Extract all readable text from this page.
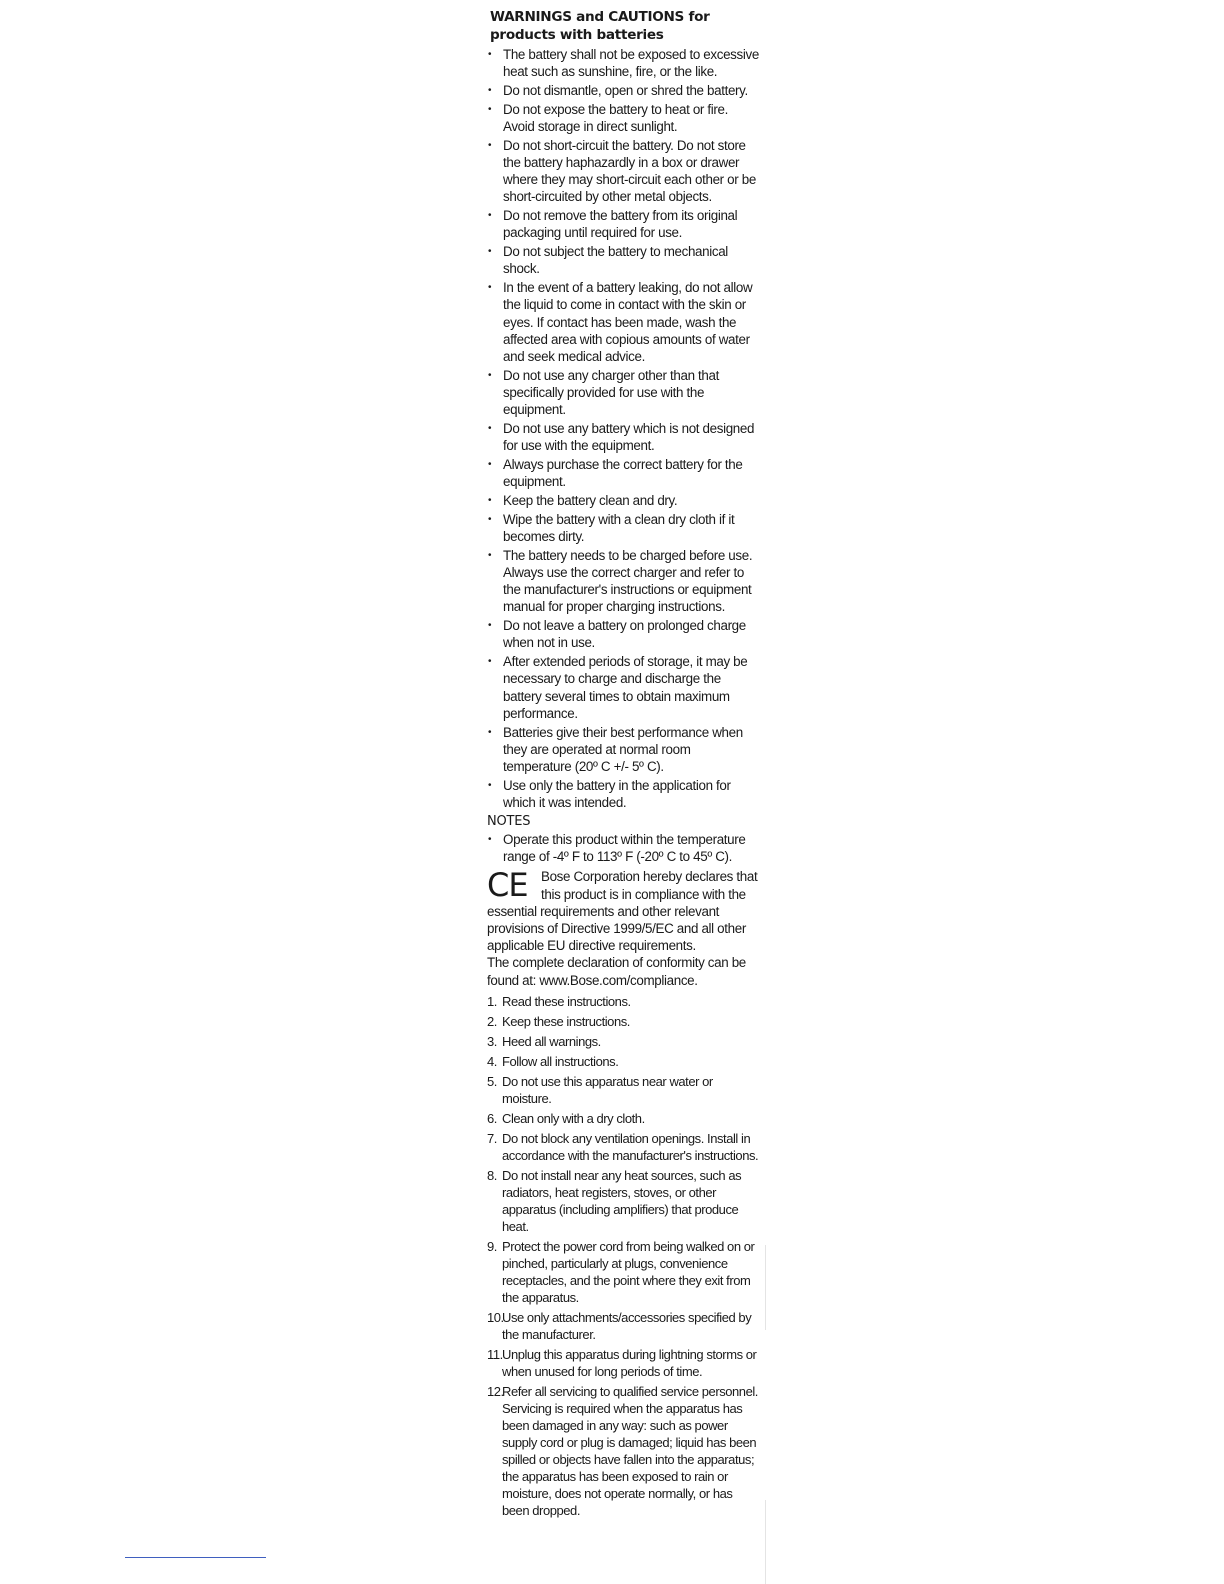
WARNINGS and CAUTIONS for products with batteries
• The battery shall not be exposed to excessive heat such as sunshine, fire, or the like.
• Do not dismantle, open or shred the battery.
• Do not expose the battery to heat or fire. Avoid storage in direct sunlight.
• Do not short-circuit the battery. Do not store the battery haphazardly in a box or drawer where they may short-circuit each other or be short-circuited by other metal objects.
• Do not remove the battery from its original packaging until required for use.
• Do not subject the battery to mechanical shock.
• In the event of a battery leaking, do not allow the liquid to come in contact with the skin or eyes. If contact has been made, wash the affected area with copious amounts of water and seek medical advice.
• Do not use any charger other than that specifically provided for use with the equipment.
• Do not use any battery which is not designed for use with the equipment.
• Always purchase the correct battery for the equipment.
• Keep the battery clean and dry.
• Wipe the battery with a clean dry cloth if it becomes dirty.
• The battery needs to be charged before use. Always use the correct charger and refer to the manufacturer's instructions or equipment manual for proper charging instructions.
• Do not leave a battery on prolonged charge when not in use.
• After extended periods of storage, it may be necessary to charge and discharge the battery several times to obtain maximum performance.
• Batteries give their best performance when they are operated at normal room temperature (20º C +/- 5º C).
• Use only the battery in the application for which it was intended.
NOTES
• Operate this product within the temperature range of -4º F to 113º F (-20º C to 45º C).
CE	Bose Corporation hereby declares that this product is in compliance with the essential requirements and other relevant provisions of Directive 1999/5/EC and all other applicable EU directive requirements.

The complete declaration of conformity can be found at: www.Bose.com/compliance.

1. Read these instructions.
2. Keep these instructions.
3. Heed all warnings.
4. Follow all instructions.
5. Do not use this apparatus near water or moisture.
6. Clean only with a dry cloth.
7. Do not block any ventilation openings. Install in accordance with the manufacturer's instructions.
8. Do not install near any heat sources, such as radiators, heat registers, stoves, or other apparatus (including amplifiers) that produce heat.
9. Protect the power cord from being walked on or pinched, particularly at plugs, convenience receptacles, and the point where they exit from the apparatus.
10.
Use only attachments/accessories specified by the manufacturer.
11. Unplug this apparatus during lightning storms or when unused for long periods of time.
12.
Refer all servicing to qualified service personnel. Servicing is required when the apparatus has been damaged in any way: such as power supply cord or plug is damaged; liquid has been spilled or objects have fallen into the apparatus; the apparatus has been exposed to rain or moisture, does not operate normally, or has been dropped.
